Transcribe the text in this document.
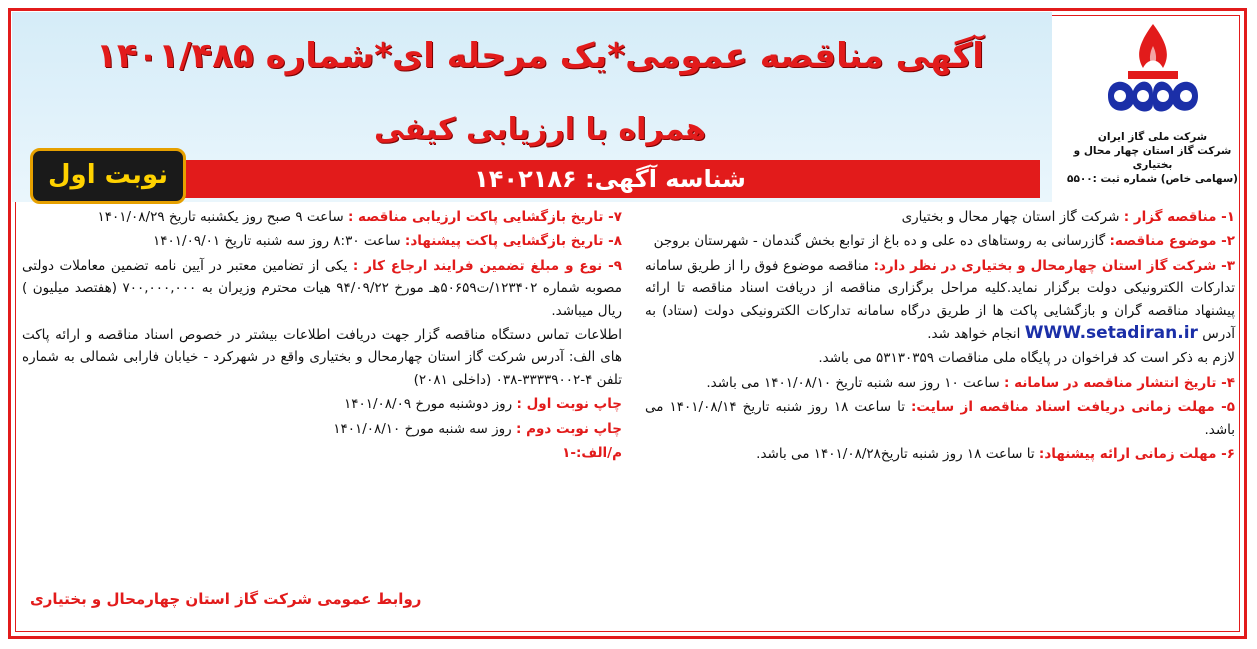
شرکت ملی گاز ایران
شرکت گاز استان چهار محال و بختیاری
(سهامی خاص) شماره ثبت :۵۵۰۰
آگهی مناقصه عمومی*یک مرحله ای*شماره ۱۴۰۱/۴۸۵
همراه با ارزیابی کیفی
شناسه آگهی: ۱۴۰۲۱۸۶
نوبت اول

۱- مناقصه گزار : شرکت گاز استان چهار محال و بختیاری

۲- موضوع مناقصه: گازرسانی به روستاهای ده علی و ده باغ از توابع بخش گندمان - شهرستان بروجن

۳- شرکت گاز استان چهارمحال و بختیاری در نظر دارد: مناقصه موضوع فوق را از طریق سامانه تدارکات الکترونیکی دولت برگزار نماید.کلیه مراحل برگزاری مناقصه از دریافت اسناد مناقصه تا ارائه پیشنهاد مناقصه گران و بازگشایی پاکت ها از طریق درگاه سامانه تدارکات الکترونیکی دولت (ستاد) به آدرس WWW.setadiran.ir انجام خواهد شد.

لازم به ذکر است کد فراخوان در پایگاه ملی مناقصات ۵۳۱۳۰۳۵۹ می باشد.

۴- تاریخ انتشار مناقصه در سامانه : ساعت ۱۰ روز سه شنبه تاریخ ۱۴۰۱/۰۸/۱۰ می باشد.

۵- مهلت زمانی دریافت اسناد مناقصه از سایت: تا ساعت ۱۸ روز شنبه تاریخ ۱۴۰۱/۰۸/۱۴ می باشد.

۶- مهلت زمانی ارائه پیشنهاد: تا ساعت ۱۸ روز شنبه تاریخ۱۴۰۱/۰۸/۲۸ می باشد.

۷- تاریخ بازگشایی پاکت ارزیابی مناقصه : ساعت ۹ صبح روز یکشنبه تاریخ ۱۴۰۱/۰۸/۲۹

۸- تاریخ بازگشایی پاکت پیشنهاد: ساعت ۸:۳۰ روز سه شنبه تاریخ ۱۴۰۱/۰۹/۰۱

۹- نوع و مبلغ تضمین فرایند ارجاع کار : یکی از تضامین معتبر در آیین نامه تضمین معاملات دولتی مصوبه شماره ۱۲۳۴۰۲/ت۵۰۶۵۹هـ مورخ ۹۴/۰۹/۲۲ هیات محترم وزیران به ۷۰۰,۰۰۰,۰۰۰ (هفتصد میلیون ) ریال میباشد.

اطلاعات تماس دستگاه مناقصه گزار جهت دریافت اطلاعات بیشتر در خصوص اسناد مناقصه و ارائه پاکت های الف: آدرس شرکت گاز استان چهارمحال و بختیاری واقع در شهرکرد - خیابان فارابی شمالی به شماره تلفن ۴-۳۳۳۳۹۰۰۲-۰۳۸ (داخلی ۲۰۸۱)

چاپ نوبت اول : روز دوشنبه مورخ ۱۴۰۱/۰۸/۰۹

چاپ نوبت دوم : روز سه شنبه مورخ ۱۴۰۱/۰۸/۱۰

م/الف:-۱

روابط عمومی شرکت گاز استان چهارمحال و بختیاری
